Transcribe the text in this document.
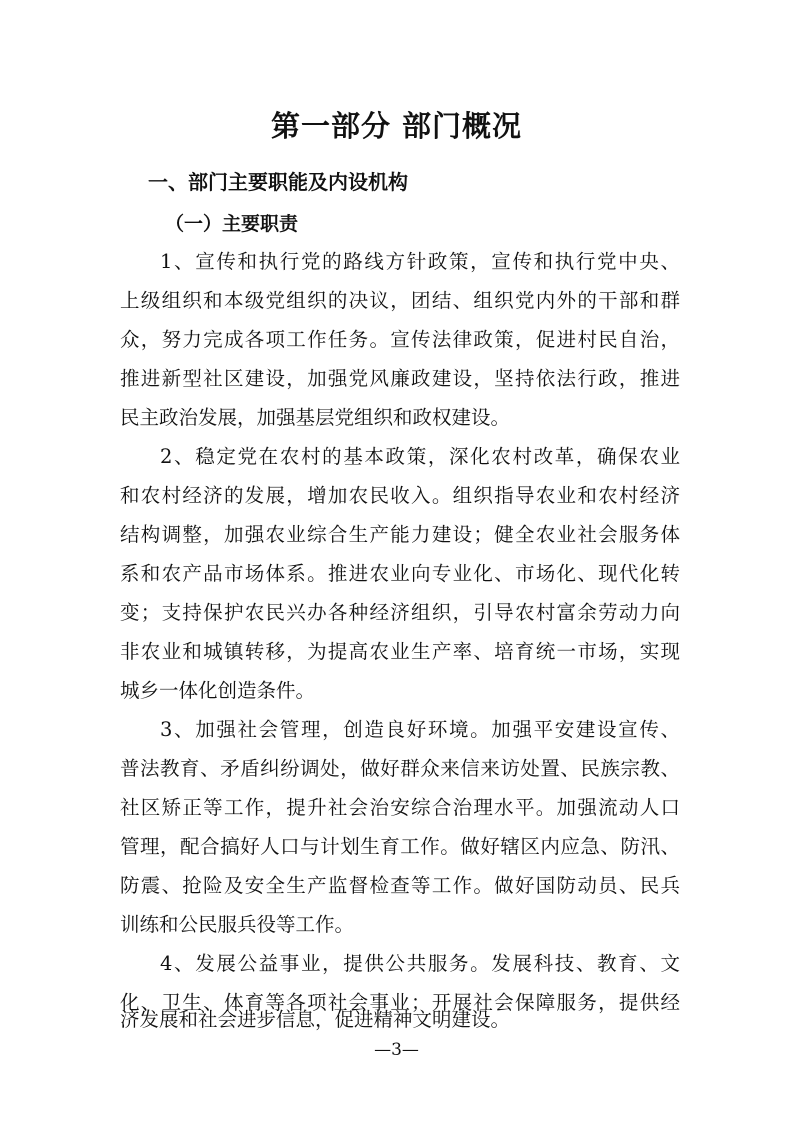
第一部分 部门概况
一、部门主要职能及内设机构
（一）主要职责
1、宣传和执行党的路线方针政策，宣传和执行党中央、
上级组织和本级党组织的决议，团结、组织党内外的干部和群
众，努力完成各项工作任务。宣传法律政策，促进村民自治，
推进新型社区建设，加强党风廉政建设，坚持依法行政，推进
民主政治发展，加强基层党组织和政权建设。
2、稳定党在农村的基本政策，深化农村改革，确保农业
和农村经济的发展，增加农民收入。组织指导农业和农村经济
结构调整，加强农业综合生产能力建设；健全农业社会服务体
系和农产品市场体系。推进农业向专业化、市场化、现代化转
变；支持保护农民兴办各种经济组织，引导农村富余劳动力向
非农业和城镇转移，为提高农业生产率、培育统一市场，实现
城乡一体化创造条件。
3、加强社会管理，创造良好环境。加强平安建设宣传、
普法教育、矛盾纠纷调处，做好群众来信来访处置、民族宗教、
社区矫正等工作，提升社会治安综合治理水平。加强流动人口
管理，配合搞好人口与计划生育工作。做好辖区内应急、防汛、
防震、抢险及安全生产监督检查等工作。做好国防动员、民兵
训练和公民服兵役等工作。
4、发展公益事业，提供公共服务。发展科技、教育、文
化、卫生、体育等各项社会事业；开展社会保障服务，提供经
济发展和社会进步信息，促进精神文明建设。
—3—
